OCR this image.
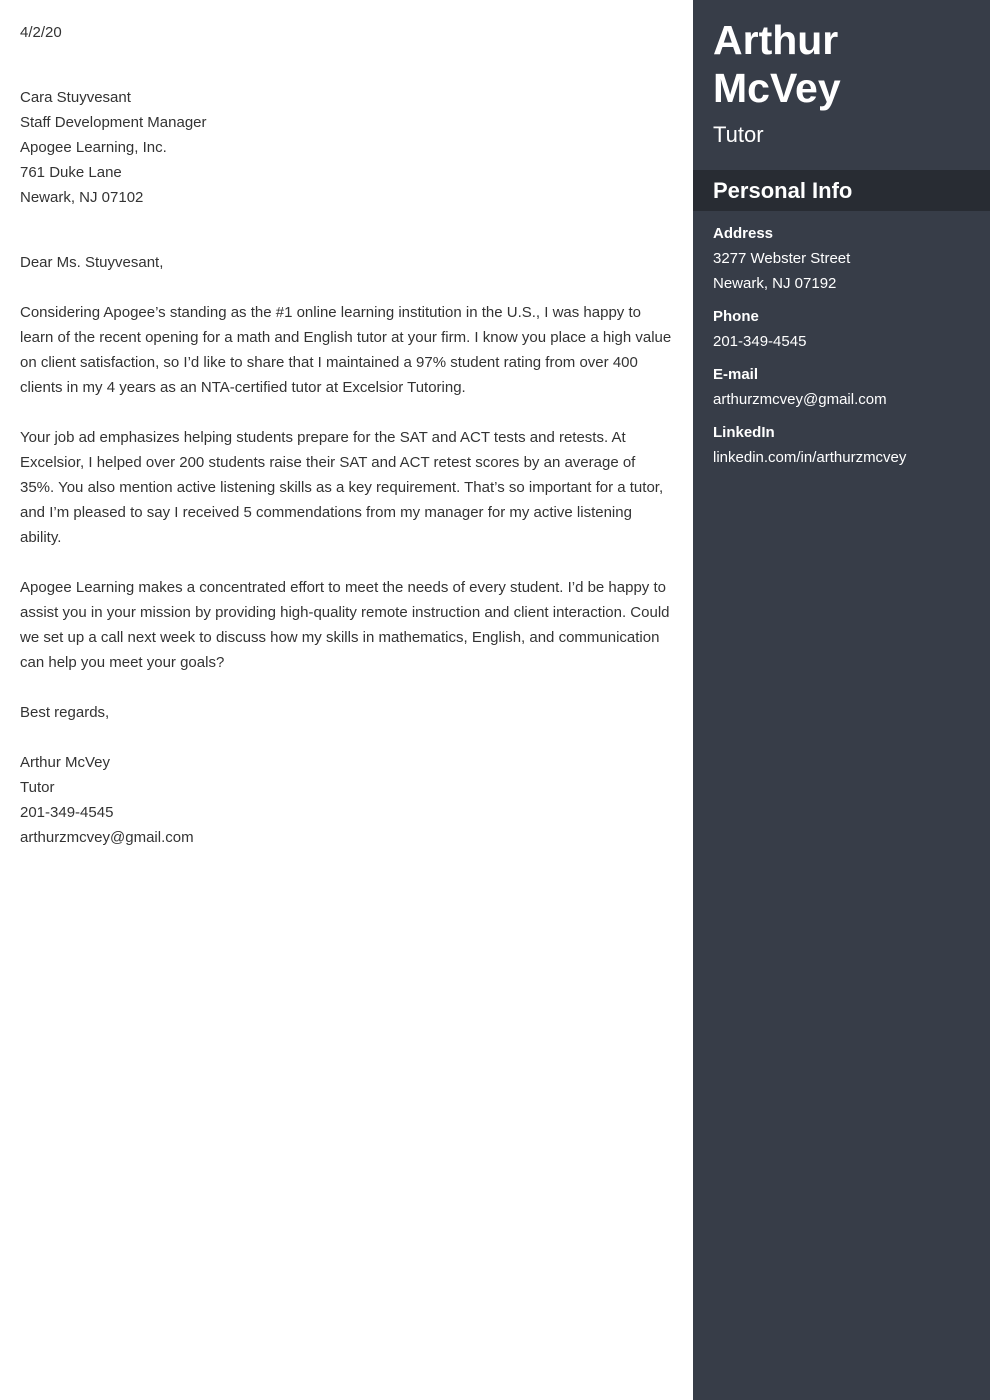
4/2/20
Cara Stuyvesant
Staff Development Manager
Apogee Learning, Inc.
761 Duke Lane
Newark, NJ 07102
Dear Ms. Stuyvesant,

Considering Apogee’s standing as the #1 online learning institution in the U.S., I was happy to learn of the recent opening for a math and English tutor at your firm. I know you place a high value on client satisfaction, so I’d like to share that I maintained a 97% student rating from over 400 clients in my 4 years as an NTA-certified tutor at Excelsior Tutoring.

Your job ad emphasizes helping students prepare for the SAT and ACT tests and retests. At Excelsior, I helped over 200 students raise their SAT and ACT retest scores by an average of 35%. You also mention active listening skills as a key requirement. That’s so important for a tutor, and I’m pleased to say I received 5 commendations from my manager for my active listening ability.

Apogee Learning makes a concentrated effort to meet the needs of every student. I’d be happy to assist you in your mission by providing high-quality remote instruction and client interaction. Could we set up a call next week to discuss how my skills in mathematics, English, and communication can help you meet your goals?

Best regards,
Arthur McVey
Tutor
201-349-4545
arthurzmcvey@gmail.com
Arthur
McVey
Tutor
Personal Info
Address
3277 Webster Street
Newark, NJ 07192
Phone
201-349-4545
E-mail
arthurzmcvey@gmail.com
LinkedIn
linkedin.com/in/arthurzmcvey
